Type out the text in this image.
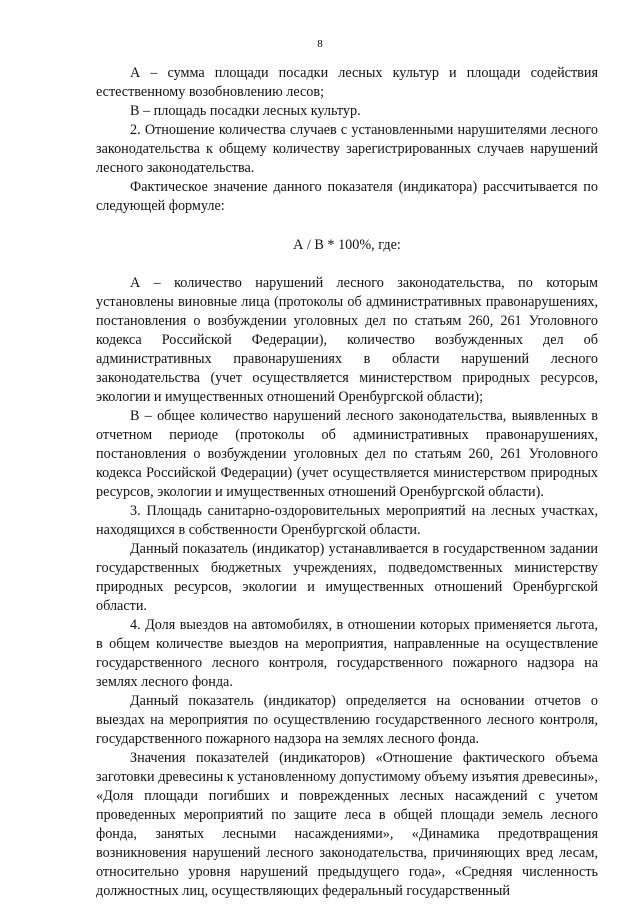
8

А – сумма площади посадки лесных культур и площади содействия естественному возобновлению лесов;

В – площадь посадки лесных культур.

2. Отношение количества случаев с установленными нарушителями лесного законодательства к общему количеству зарегистрированных случаев нарушений лесного законодательства.

Фактическое значение данного показателя (индикатора) рассчитывается по следующей формуле:

А / В * 100%, где:

А – количество нарушений лесного законодательства, по которым установлены виновные лица (протоколы об административных правонарушениях, постановления о возбуждении уголовных дел по статьям 260, 261 Уголовного кодекса Российской Федерации), количество возбужденных дел об административных правонарушениях в области нарушений лесного законодательства (учет осуществляется министерством природных ресурсов, экологии и имущественных отношений Оренбургской области);

В – общее количество нарушений лесного законодательства, выявленных в отчетном периоде (протоколы об административных правонарушениях, постановления о возбуждении уголовных дел по статьям 260, 261 Уголовного кодекса Российской Федерации) (учет осуществляется министерством природных ресурсов, экологии и имущественных отношений Оренбургской области).

3. Площадь санитарно-оздоровительных мероприятий на лесных участках, находящихся в собственности Оренбургской области.

Данный показатель (индикатор) устанавливается в государственном задании государственных бюджетных учреждениях, подведомственных министерству природных ресурсов, экологии и имущественных отношений Оренбургской области.

4. Доля выездов на автомобилях, в отношении которых применяется льгота, в общем количестве выездов на мероприятия, направленные на осуществление государственного лесного контроля, государственного пожарного надзора на землях лесного фонда.

Данный показатель (индикатор) определяется на основании отчетов о выездах на мероприятия по осуществлению государственного лесного контроля, государственного пожарного надзора на землях лесного фонда.

Значения показателей (индикаторов) «Отношение фактического объема заготовки древесины к установленному допустимому объему изъятия древесины», «Доля площади погибших и поврежденных лесных насаждений с учетом проведенных мероприятий по защите леса в общей площади земель лесного фонда, занятых лесными насаждениями», «Динамика предотвращения возникновения нарушений лесного законодательства, причиняющих вред лесам, относительно уровня нарушений предыдущего года», «Средняя численность должностных лиц, осуществляющих федеральный государственный
